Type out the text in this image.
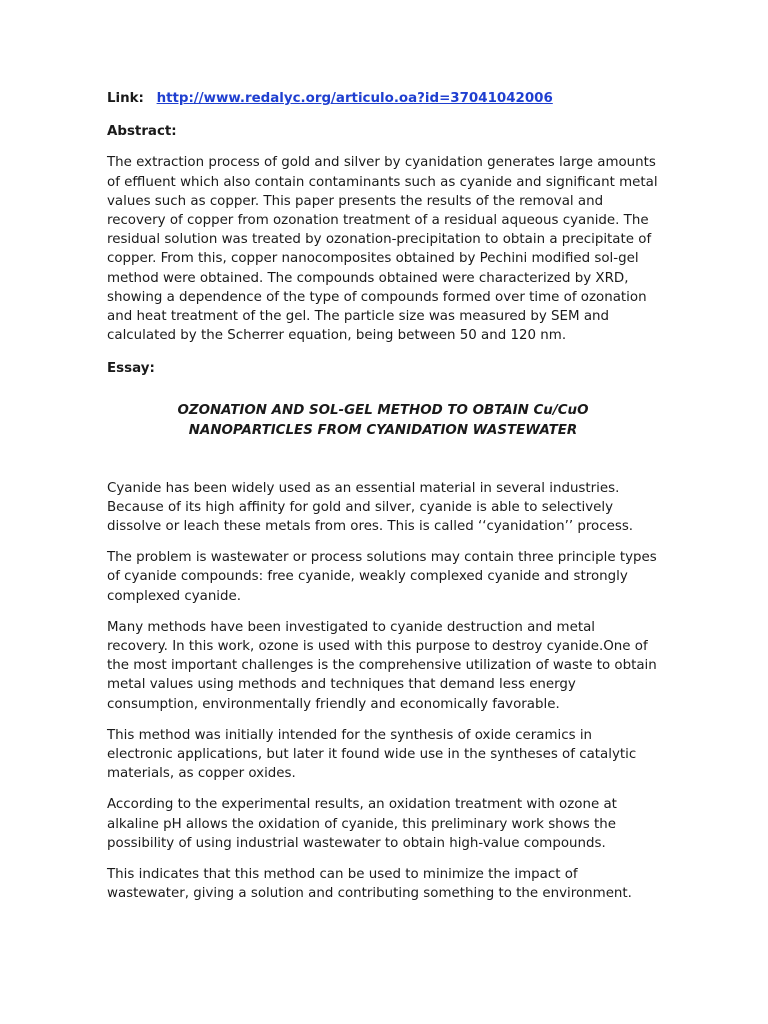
Link: http://www.redalyc.org/articulo.oa?id=37041042006
Abstract:

The extraction process of gold and silver by cyanidation generates large amounts of effluent which also contain contaminants such as cyanide and significant metal values such as copper. This paper presents the results of the removal and recovery of copper from ozonation treatment of a residual aqueous cyanide. The residual solution was treated by ozonation-precipitation to obtain a precipitate of copper. From this, copper nanocomposites obtained by Pechini modified sol-gel method were obtained. The compounds obtained were characterized by XRD, showing a dependence of the type of compounds formed over time of ozonation and heat treatment of the gel. The particle size was measured by SEM and calculated by the Scherrer equation, being between 50 and 120 nm.

Essay:
OZONATION AND SOL-GEL METHOD TO OBTAIN Cu/CuO
NANOPARTICLES FROM CYANIDATION WASTEWATER

Cyanide has been widely used as an essential material in several industries. Because of its high affinity for gold and silver, cyanide is able to selectively dissolve or leach these metals from ores. This is called ‘‘cyanidation’’ process.

The problem is wastewater or process solutions may contain three principle types of cyanide compounds: free cyanide, weakly complexed cyanide and strongly complexed cyanide.

Many methods have been investigated to cyanide destruction and metal recovery. In this work, ozone is used with this purpose to destroy cyanide.One of the most important challenges is the comprehensive utilization of waste to obtain metal values using methods and techniques that demand less energy consumption, environmentally friendly and economically favorable.

This method was initially intended for the synthesis of oxide ceramics in electronic applications, but later it found wide use in the syntheses of catalytic materials, as copper oxides.

According to the experimental results, an oxidation treatment with ozone at alkaline pH allows the oxidation of cyanide, this preliminary work shows the possibility of using industrial wastewater to obtain high-value compounds.

This indicates that this method can be used to minimize the impact of wastewater, giving a solution and contributing something to the environment.
